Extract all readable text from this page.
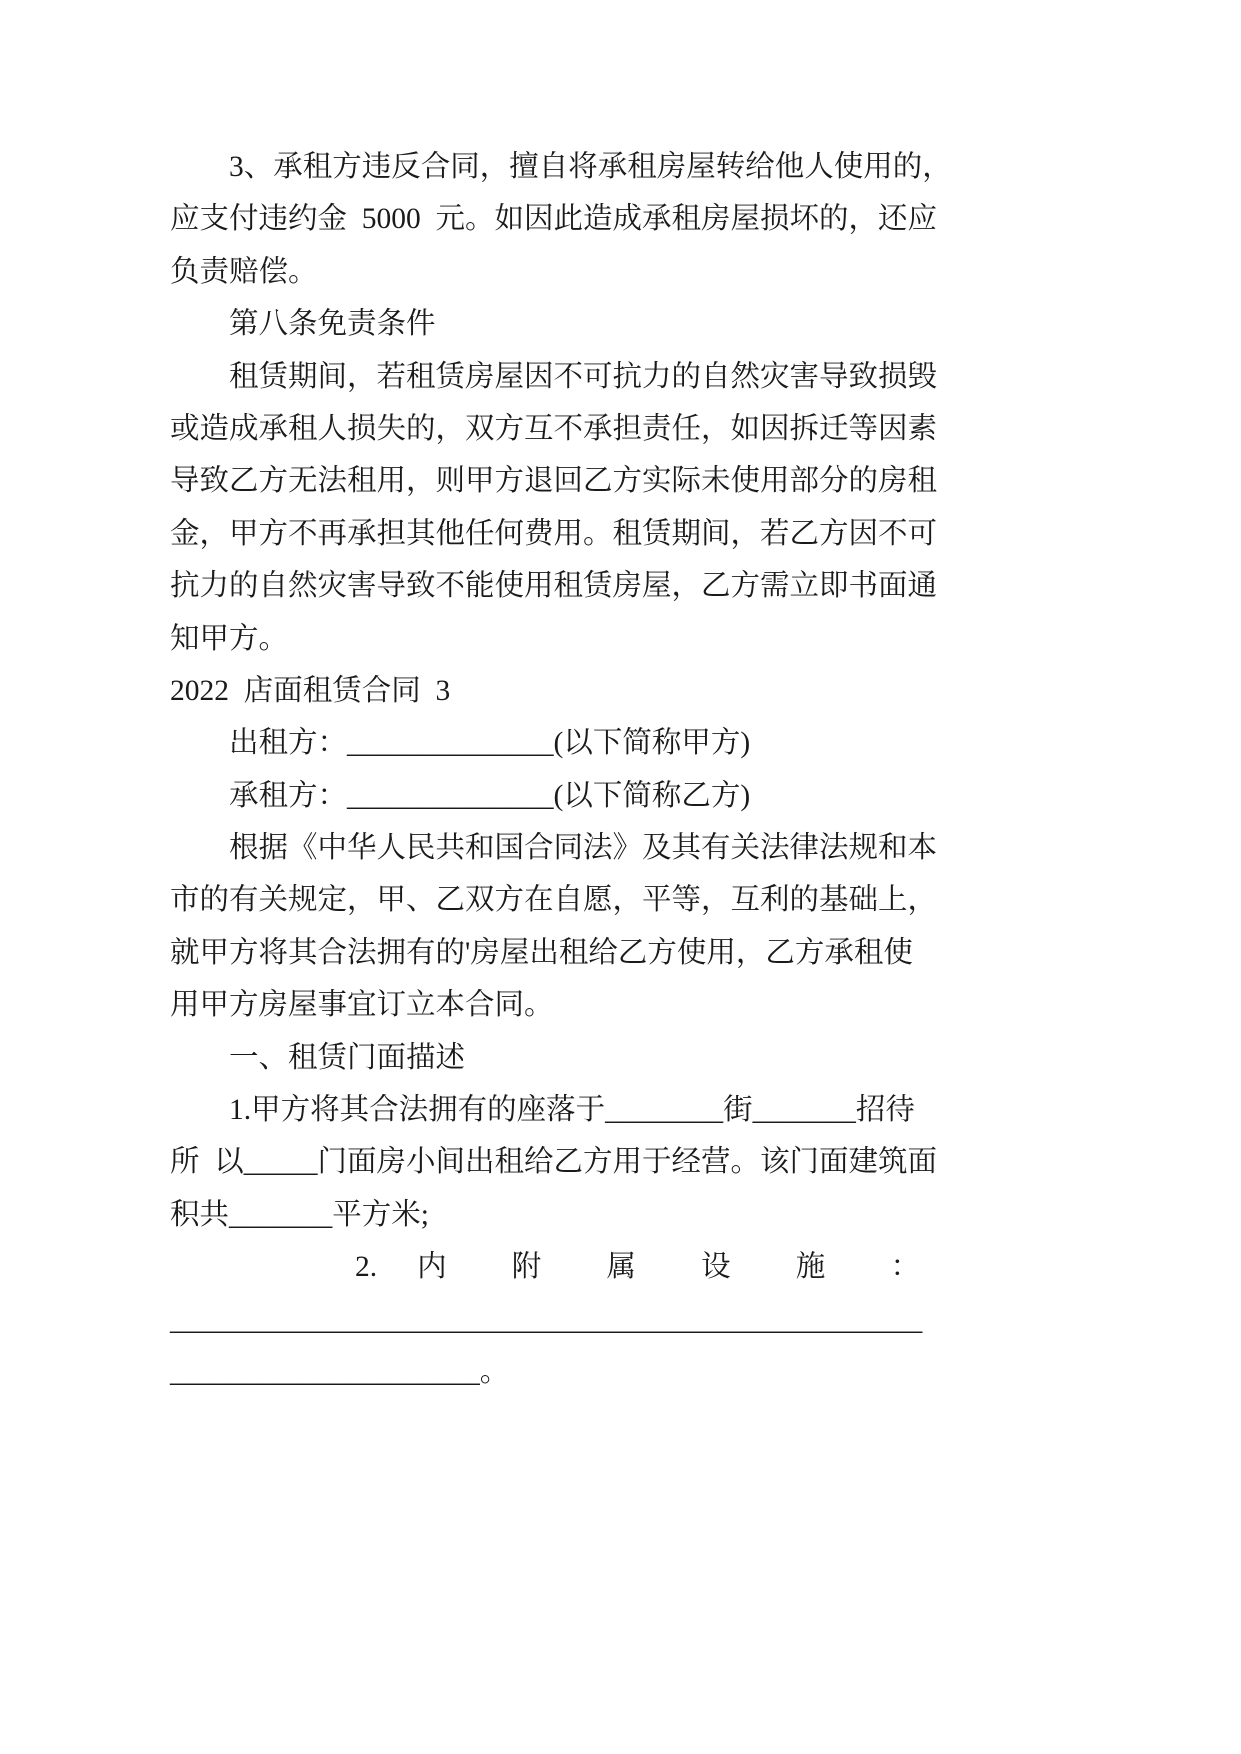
3、承租方违反合同，擅自将承租房屋转给他人使用的，
应支付违约金 5000 元。如因此造成承租房屋损坏的，还应
负责赔偿。
第八条免责条件
租赁期间，若租赁房屋因不可抗力的自然灾害导致损毁
或造成承租人损失的，双方互不承担责任，如因拆迁等因素
导致乙方无法租用，则甲方退回乙方实际未使用部分的房租
金，甲方不再承担其他任何费用。租赁期间，若乙方因不可
抗力的自然灾害导致不能使用租赁房屋，乙方需立即书面通
知甲方。
2022 店面租赁合同 3
出租方：______________(以下简称甲方)
承租方：______________(以下简称乙方)
根据《中华人民共和国合同法》及其有关法律法规和本
市的有关规定，甲、乙双方在自愿，平等，互利的基础上，
就甲方将其合法拥有的'房屋出租给乙方使用，乙方承租使
用甲方房屋事宜订立本合同。
一、租赁门面描述
1.甲方将其合法拥有的座落于________街_______招待
所 以_____门面房小间出租给乙方用于经营。该门面建筑面
积共_______平方米;
2. 内 附 属 设 施 ：
___________________________________________________
_____________________。
